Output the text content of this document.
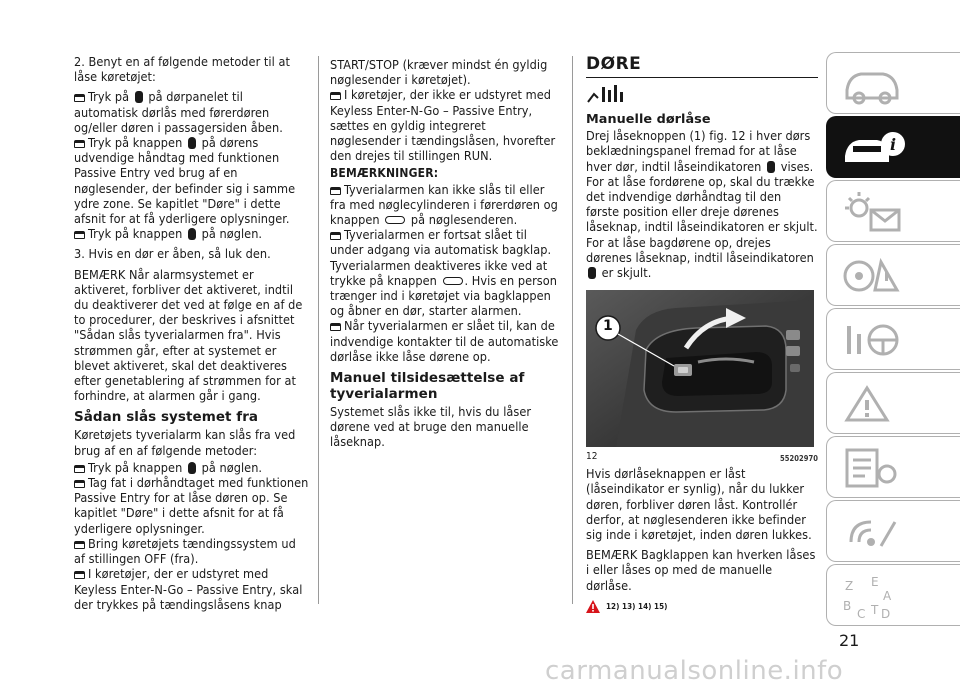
2. Benyt en af følgende metoder til at låse køretøjet:

Tryk på på dørpanelet til automatisk dørlås med førerdøren og/eller døren i passagersiden åben.
Tryk på knappen på dørens udvendige håndtag med funktionen Passive Entry ved brug af en nøglesender, der befinder sig i samme ydre zone. Se kapitlet "Døre" i dette afsnit for at få yderligere oplysninger.
Tryk på knappen på nøglen.

3. Hvis en dør er åben, så luk den.

BEMÆRK Når alarmsystemet er aktiveret, forbliver det aktiveret, indtil du deaktiverer det ved at følge en af de to procedurer, der beskrives i afsnittet "Sådan slås tyverialarmen fra". Hvis strømmen går, efter at systemet er blevet aktiveret, skal det deaktiveres efter genetablering af strømmen for at forhindre, at alarmen går i gang.

Sådan slås systemet fra

Køretøjets tyverialarm kan slås fra ved brug af en af følgende metoder:

Tryk på knappen på nøglen.
Tag fat i dørhåndtaget med funktionen Passive Entry for at låse døren op. Se kapitlet "Døre" i dette afsnit for at få yderligere oplysninger.
Bring køretøjets tændingssystem ud af stillingen OFF (fra).
I køretøjer, der er udstyret med Keyless Enter-N-Go – Passive Entry, skal der trykkes på tændingslåsens knap

START/STOP (kræver mindst én gyldig nøglesender i køretøjet).

I køretøjer, der ikke er udstyret med Keyless Enter-N-Go – Passive Entry, sættes en gyldig integreret nøglesender i tændingslåsen, hvorefter den drejes til stillingen RUN.
BEMÆRKNINGER:
Tyverialarmen kan ikke slås til eller fra med nøglecylinderen i førerdøren og knappen på nøglesenderen.
Tyverialarmen er fortsat slået til under adgang via automatisk bagklap. Tyverialarmen deaktiveres ikke ved at trykke på knappen . Hvis en person trænger ind i køretøjet via bagklappen og åbner en dør, starter alarmen.
Når tyverialarmen er slået til, kan de indvendige kontakter til de automatiske dørlåse ikke låse dørene op.
Manuel tilsidesættelse af tyverialarmen

Systemet slås ikke til, hvis du låser dørene ved at bruge den manuelle låseknap.

DØRE
Manuelle dørlåse

Drej låseknoppen (1) fig. 12 i hver dørs beklædningspanel fremad for at låse hver dør, indtil låseindikatoren vises. For at låse fordørene op, skal du trække det indvendige dørhåndtag til den første position eller dreje dørenes låseknap, indtil låseindikatoren er skjult. For at låse bagdørene op, drejes dørenes låseknap, indtil låseindikatoren  er skjult.

1
12	55202970

Hvis dørlåseknappen er låst (låseindikator er synlig), når du lukker døren, forbliver døren låst. Kontrollér derfor, at nøglesenderen ikke befinder sig inde i køretøjet, inden døren lukkes.

BEMÆRK Bagklappen kan hverken låses i eller låses op med de manuelle dørlåse.

12) 13) 14) 15)
i
Z E
A
B
C T D
21
carmanualsonline.info
